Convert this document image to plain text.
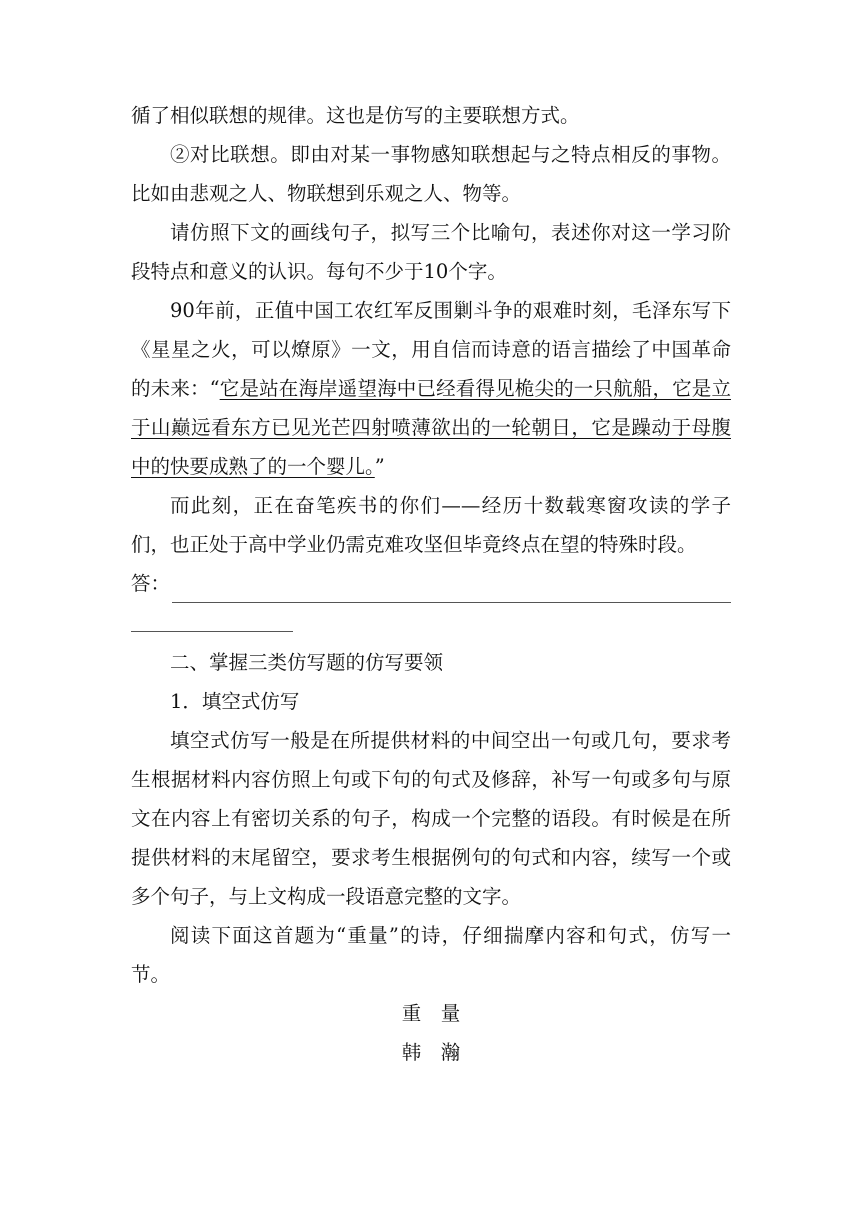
循了相似联想的规律。这也是仿写的主要联想方式。

②对比联想。即由对某一事物感知联想起与之特点相反的事物。比如由悲观之人、物联想到乐观之人、物等。

请仿照下文的画线句子，拟写三个比喻句，表述你对这一学习阶段特点和意义的认识。每句不少于10个字。

90年前，正值中国工农红军反围剿斗争的艰难时刻，毛泽东写下《星星之火，可以燎原》一文，用自信而诗意的语言描绘了中国革命的未来：“它是站在海岸遥望海中已经看得见桅尖的一只航船，它是立于山巅远看东方已见光芒四射喷薄欲出的一轮朝日，它是躁动于母腹中的快要成熟了的一个婴儿。”

而此刻，正在奋笔疾书的你们——经历十数载寒窗攻读的学子们，也正处于高中学业仍需克难攻坚但毕竟终点在望的特殊时段。

答：

二、掌握三类仿写题的仿写要领

1．填空式仿写

填空式仿写一般是在所提供材料的中间空出一句或几句，要求考生根据材料内容仿照上句或下句的句式及修辞，补写一句或多句与原文在内容上有密切关系的句子，构成一个完整的语段。有时候是在所提供材料的末尾留空，要求考生根据例句的句式和内容，续写一个或多个句子，与上文构成一段语意完整的文字。

阅读下面这首题为“重量”的诗，仔细揣摩内容和句式，仿写一节。

重　量

韩　瀚
